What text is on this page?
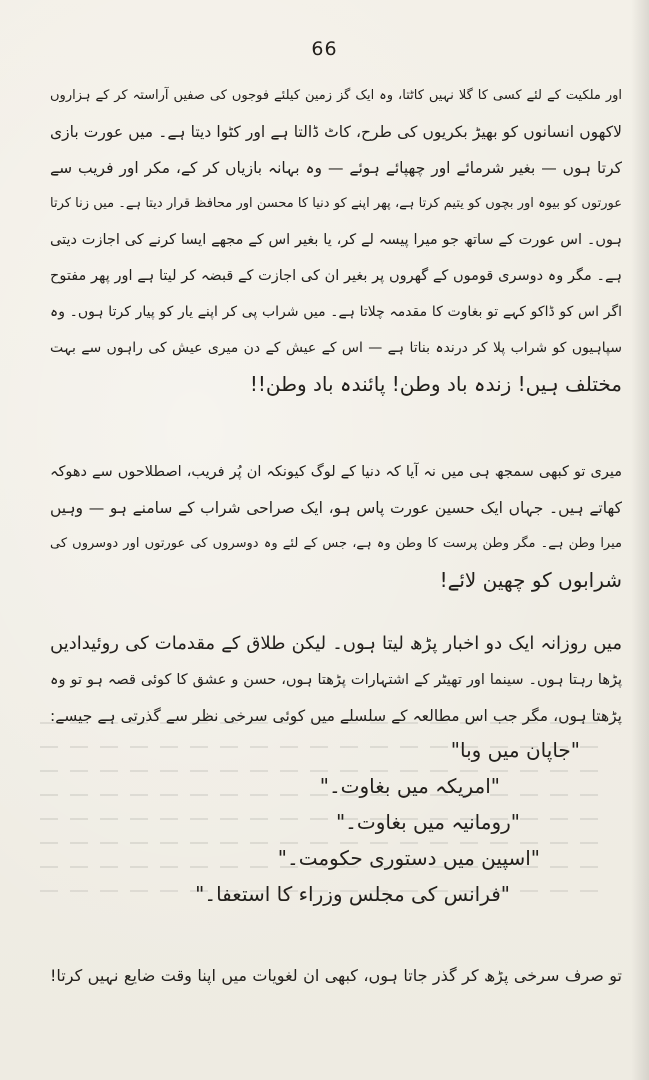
66
اور ملکیت کے لئے کسی کا گلا نہیں کاٹتا، وہ ایک گز زمین کیلئے فوجوں کی صفیں آراستہ کر کے ہزاروں
لاکھوں انسانوں کو بھیڑ بکریوں کی طرح، کاٹ ڈالتا ہے اور کٹوا دیتا ہے۔ میں عورت بازی
کرتا ہوں — بغیر شرمائے اور چھپائے ہوئے — وہ بہانہ بازیاں کر کے، مکر اور فریب سے
عورتوں کو بیوہ اور بچوں کو یتیم کرتا ہے، پھر اپنے کو دنیا کا محسن اور محافظ قرار دیتا ہے۔ میں زنا کرتا
ہوں۔ اس عورت کے ساتھ جو میرا پیسہ لے کر، یا بغیر اس کے مجھے ایسا کرنے کی اجازت دیتی
ہے۔ مگر وہ دوسری قوموں کے گھروں پر بغیر ان کی اجازت کے قبضہ کر لیتا ہے اور پھر مفتوح
اگر اس کو ڈاکو کہے تو بغاوت کا مقدمہ چلاتا ہے۔ میں شراب پی کر اپنے یار کو پیار کرتا ہوں۔ وہ
سپاہیوں کو شراب پلا کر درندہ بناتا ہے — اس کے عیش کے دن میری عیش کی راہوں سے بہت
مختلف ہیں! زندہ باد وطن! پائندہ باد وطن!!
میری تو کبھی سمجھ ہی میں نہ آیا کہ دنیا کے لوگ کیونکہ ان پُر فریب، اصطلاحوں سے دھوکہ
کھاتے ہیں۔ جہاں ایک حسین عورت پاس ہو، ایک صراحی شراب کے سامنے ہو — وہیں
میرا وطن ہے۔ مگر وطن پرست کا وطن وہ ہے، جس کے لئے وہ دوسروں کی عورتوں اور دوسروں کی
شرابوں کو چھین لائے!
میں روزانہ ایک دو اخبار پڑھ لیتا ہوں۔ لیکن طلاق کے مقدمات کی روئیدادیں
پڑھا رہتا ہوں۔ سینما اور تھیٹر کے اشتہارات پڑھتا ہوں، حسن و عشق کا کوئی قصہ ہو تو وہ
پڑھتا ہوں، مگر جب اس مطالعہ کے سلسلے میں کوئی سرخی نظر سے گذرتی ہے جیسے:
"جاپان میں وبا"
"امریکہ میں بغاوت۔"
"رومانیہ میں بغاوت۔"
"اسپین میں دستوری حکومت۔"
"فرانس کی مجلس وزراء کا استعفا۔"
تو صرف سرخی پڑھ کر گذر جاتا ہوں، کبھی ان لغویات میں اپنا وقت ضایع نہیں کرتا!
